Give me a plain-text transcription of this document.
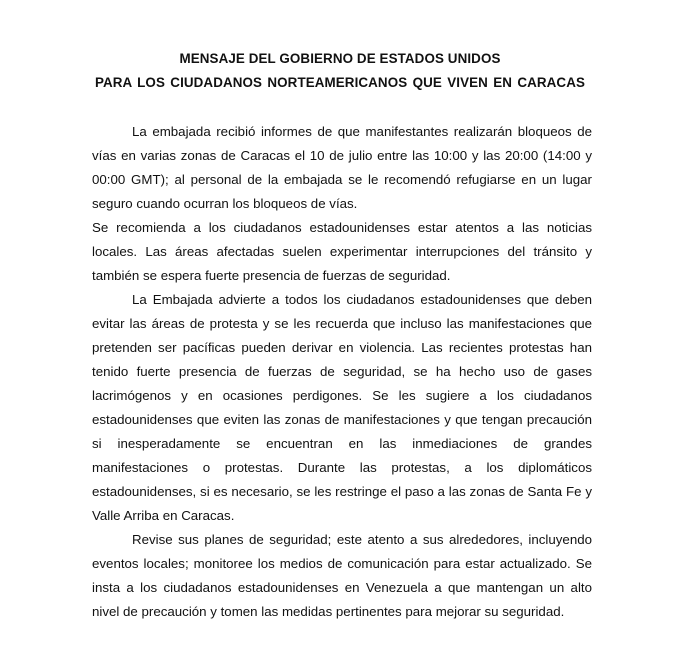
MENSAJE DEL GOBIERNO DE ESTADOS UNIDOS
PARA LOS CIUDADANOS NORTEAMERICANOS QUE VIVEN EN CARACAS

La embajada recibió informes de que manifestantes realizarán bloqueos de vías en varias zonas de Caracas el 10 de julio entre las 10:00 y las 20:00 (14:00 y 00:00 GMT); al personal de la embajada se le recomendó refugiarse en un lugar seguro cuando ocurran los bloqueos de vías.

Se recomienda a los ciudadanos estadounidenses estar atentos a las noticias locales. Las áreas afectadas suelen experimentar interrupciones del tránsito y también se espera fuerte presencia de fuerzas de seguridad.

La Embajada advierte a todos los ciudadanos estadounidenses que deben evitar las áreas de protesta y se les recuerda que incluso las manifestaciones que pretenden ser pacíficas pueden derivar en violencia. Las recientes protestas han tenido fuerte presencia de fuerzas de seguridad, se ha hecho uso de gases lacrimógenos y en ocasiones perdigones. Se les sugiere a los ciudadanos estadounidenses que eviten las zonas de manifestaciones y que tengan precaución si inesperadamente se encuentran en las inmediaciones de grandes manifestaciones o protestas. Durante las protestas, a los diplomáticos estadounidenses, si es necesario, se les restringe el paso a las zonas de Santa Fe y Valle Arriba en Caracas.

Revise sus planes de seguridad; este atento a sus alrededores, incluyendo eventos locales; monitoree los medios de comunicación para estar actualizado. Se insta a los ciudadanos estadounidenses en Venezuela a que mantengan un alto nivel de precaución y tomen las medidas pertinentes para mejorar su seguridad.
